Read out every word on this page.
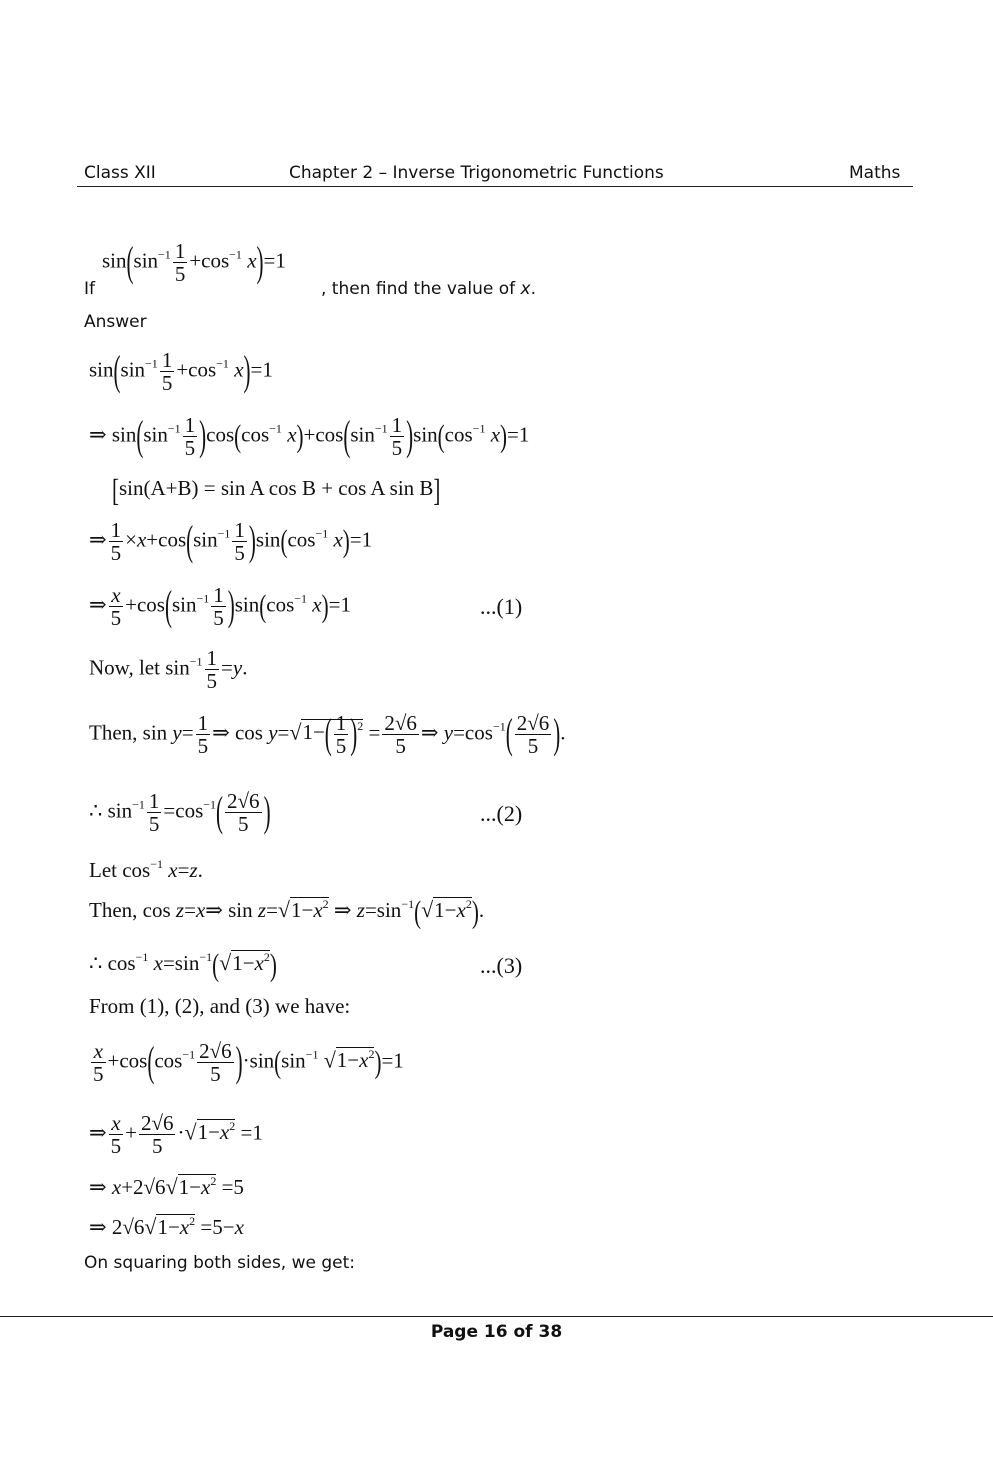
Class XII	Chapter 2 – Inverse Trigonometric Functions	Maths
If
$\sin(\sin^{-1} \frac{1}{5} +\cos^{-1}$ x)=1
, then find the value of x.
Answer
$\sin(\sin^{-1} \frac{1}{5} +\cos^{-1}$ x)=1
⇒ $\sin(\sin^{-1} \frac{1}{5} )\cos(\cos^{-1}$ $x)+\cos(\sin^{-1} \frac{1}{5} )\sin(\cos^{-1}$ x)=1
[sin(A+B) = sin A cos B + cos A sin B]
⇒ $\frac{1}{5} \times x+\cos(\sin^{-1} \frac{1}{5} )\sin(\cos^{-1}$ x)=1
⇒ $\frac{x}{5} +\cos(\sin^{-1} \frac{1}{5} )\sin(\cos^{-1}$ x)=1	...(1)
Now, let $\sin^{-1} \frac{1}{5} =y$.
Then, $\sin y= \frac{1}{5}$ ⇒ $\cos y=√1-( \frac{1}{5} )^2 = \frac{2√6}{5}$ ⇒ $y=\cos^{-1}( \frac{2√6}{5}$ ).
∴ $\sin^{-1} \frac{1}{5} =\cos^{-1}( \frac{2√6}{5}$ )	...(2)
Let $\cos^{-1} x=z$.
Then, cos z=x⇒ $\sin z=√1-x^2$ ⇒ $z=\sin^{-1}(√1-x^2)$.
∴ $\cos^{-1} x=\sin^{-1}(√1-x^2)$	...(3)
From (1), (2), and (3) we have:
$\frac{x}{5} +\cos(\cos^{-1} \frac{2√6}{5} )\cdot\sin(\sin^{-1}$ $√1-x^2)=1$
⇒ $\frac{x}{5} + \frac{2√6}{5} \cdot√1-x^2 =1$
⇒ $x+2√6√1-x^2 =5$
⇒ $2√6√1-x^2 =5-x$
On squaring both sides, we get:
Page 16 of 38
